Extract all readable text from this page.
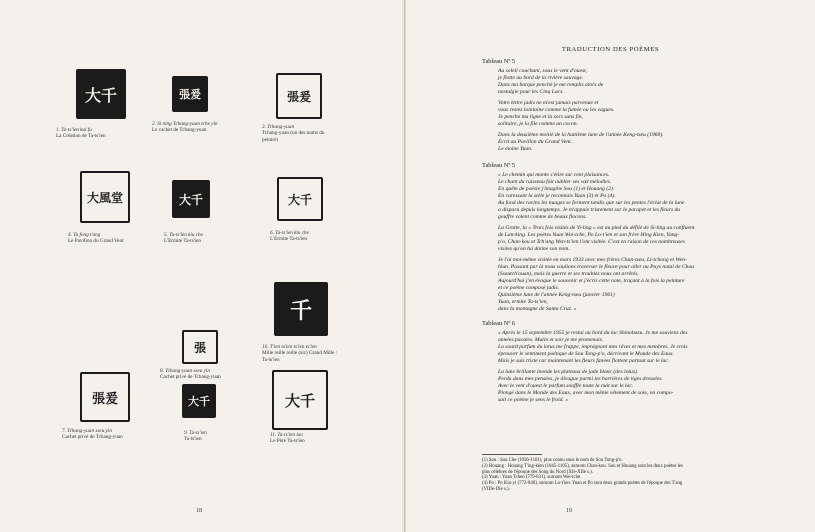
大千
1. Ta-ts'ien kui fa
La Création de Ta-ts'ien
張爰
2. Si ning Tchang-yuan tche yin
Le cachet de Tchang-yuan
張爰
3. Tchang-yuan
Tchang-yuan (un des noms du peintre)
大風堂
4. Ta fong t'ang
Le Pavillon du Grand Vent
大千
5. Ta-ts'ien kiu che
L'Ermite Ta-ts'ien
大千
6. Ta-ts'ien kiu che
L'Ermite Ta-ts'ien
千
10. T'ien ts'ien ts'ien ts'ien
Mille reille reille (sic) Grand Mille : Ta-ts'ien
張
8. Tchang-yuan sseu yin
Cachet privé de Tchang-yuan
張爰
7. Tchang-yuan sseu yin
Cachet privé de Tchang-yuan
大千
9. Ta-ts'ien
Ta-ts'ien
大千
11. Ta-ts'ien lao
Le Père Ta-ts'ien
18
TRADUCTION DES POÈMES
Tableau Nº 5

Au soleil couchant, sous le vent d'ouest,

je flotte au bord de la rivière sauvage.

Dans ma barque penché je me remplis alors de

nostalgie pour les Cinq Lacs.

Votre lettre jadis ne m'est jamais parvenue et

vous restez lointaine comme la fumée ou les vagues.

Je penche ma ligne et la sors sans fin,

solitaire, je la file comme un cocon.

Dans la deuxième moitié de la huitième lune de l'année Keng-tseu (1960).

Écrit au Pavillon du Grand Vent.

Le moine Yuan.

Tableau Nº 5

« Le chemin qui monte s'étire sur cent plaisances.

Le chant du ruisseau fait oublier ses vœl mélodies.

En quête de poésie j'imagine Sou (1) et Houang (2).

En caressant la stèle je reconnais Yuan (3) et Po (4).

Au fond des ravins les nuages se forment tandis que sur les pentes l'éclat de la lune

a disparu depuis longtemps. Je m'appuie tristement sur le parapet et les fleurs du

gouffre volent comme de beaux flocons.

La Grotte, la « Trois fois visités de Yi-ling » est au pied du défilé de Si-ling au confluent

de Lan-king. Les poètes Yuan Wai-tche, Po Lo-t'ien et son frère Hing Kien, Yang-

p'o, Chan-kou et Tch'ang Wen-ts'ien l'ont visitée. C'est en raison de ces nombreuses

visites qu'on lui donne son nom.

Je l'ai moi-même visitée en mars 1933 avec mes frères Chan-tseu, Li-tchong et Wen-

hiun. Passant par là nous voulions traverser le fleuve pour aller au Pays natal de Chou

(Sseutch'ouan), mais la guerre et ses troubles nous ont arrêtés.

Aujourd'hui j'en évoque le souvenir et j'écris cette note, traçant à la fois la peinture

et ce poème composé jadis.

Quinzième lune de l'année Keng-tseu (janvier 1961)

Yuan, ermite Ta-ts'ien,

dans la montagne de Santa Cruz. »

Tableau Nº 6

« Après le 15 septembre 1955 je restai au bord du lac Shinobazu. Je me souviens des

années passées. Matin et soir je me promenais.

La sourd parfum du lotus me frappe, imprégnant mes rêves et mes membres. Je crois

éprouver le sentiment poétique de Sou Tong-p'o, décrivant le Monde des Eaux.

Mais je suis triste car maintenant les fleurs fanées flottent partout sur le lac.

La lune brillante inonde les plateaux de jade blanc (des lotus).

Perdu dans mes pensées, je divague parmi les barrières de tiges dressées.

Avec le vent d'ouest le parfum souffle toute la nuit sur le lac.

Plongé dans le Monde des Eaux, avec mon même vêtement de soie, on compo-

sait ce poème je sens le froid. »

(1) Sou : Sou Che (1036-1101), plus connu sous le nom de Sou Tong-p'o.

(2) Houang : Houang T'ing-kien (1045-1105), surnom Chan-kou. Sou et Houang sont les deux poètes les

plus célèbres de l'époque des Song du Nord (XIe-XIIe s.).

(3) Yuan : Yuan Tchen (779-831), surnom Wei-tche.

(4) Po : Po Kiu-yi (772-846), surnom Lo-t'ien. Yuan et Po sont deux grands poètes de l'époque des T'ang

(VIIIe-IXe s.).

19
